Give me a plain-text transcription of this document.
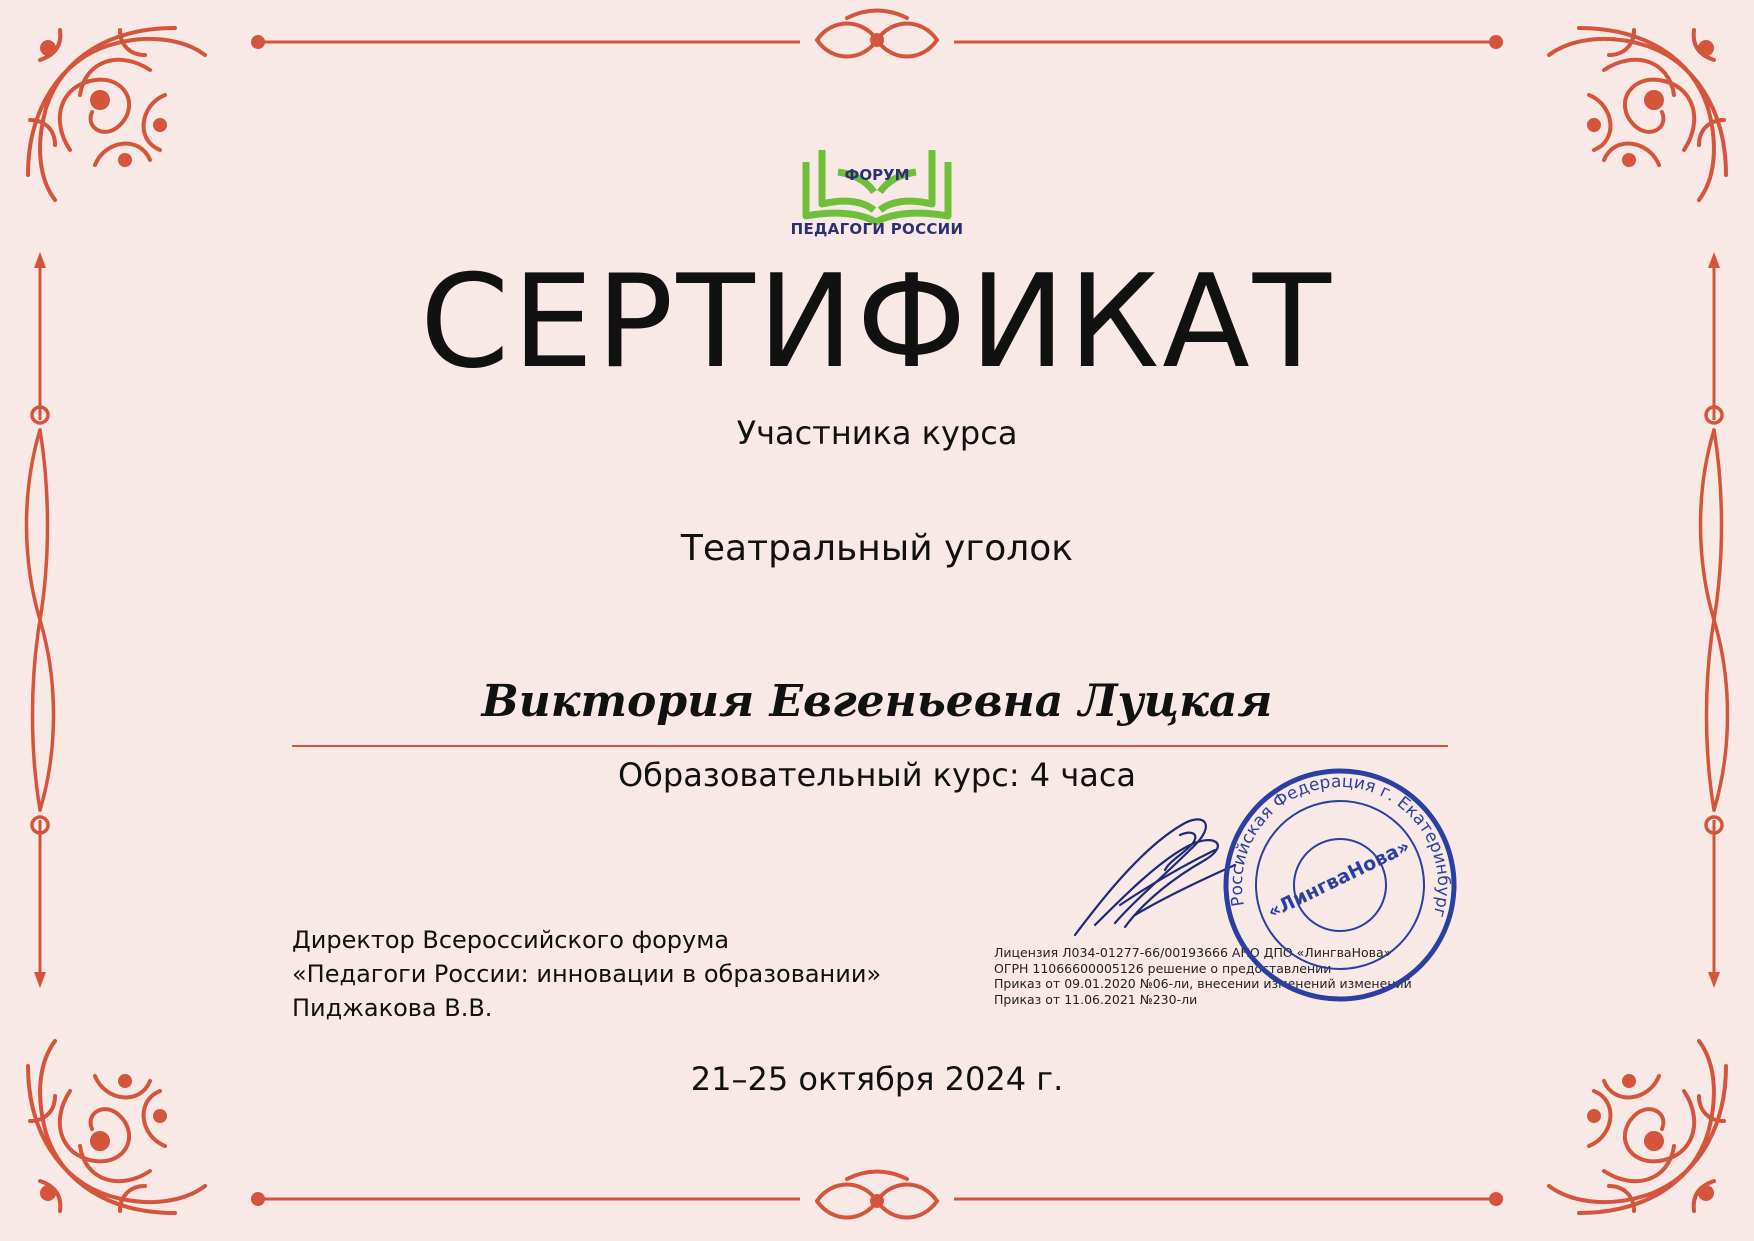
ФОРУМ
ПЕДАГОГИ РОССИИ
СЕРТИФИКАТ
Участника курса
Театральный уголок
Виктория Евгеньевна Луцкая
Образовательный курс: 4 часа
Директор Всероссийского форума
«Педагоги России: инновации в образовании»
Пиджакова В.В.
Лицензия Л034-01277-66/00193666 АНО ДПО «ЛингваНова»
ОГРН 11066600005126 решение о предоставлении
Приказ от 09.01.2020 №06-ли, внесении изменений изменений
Приказ от 11.06.2021 №230-ли
Российская Федерация г. Екатеринбург
«ЛингваНова»
21–25 октября 2024 г.
